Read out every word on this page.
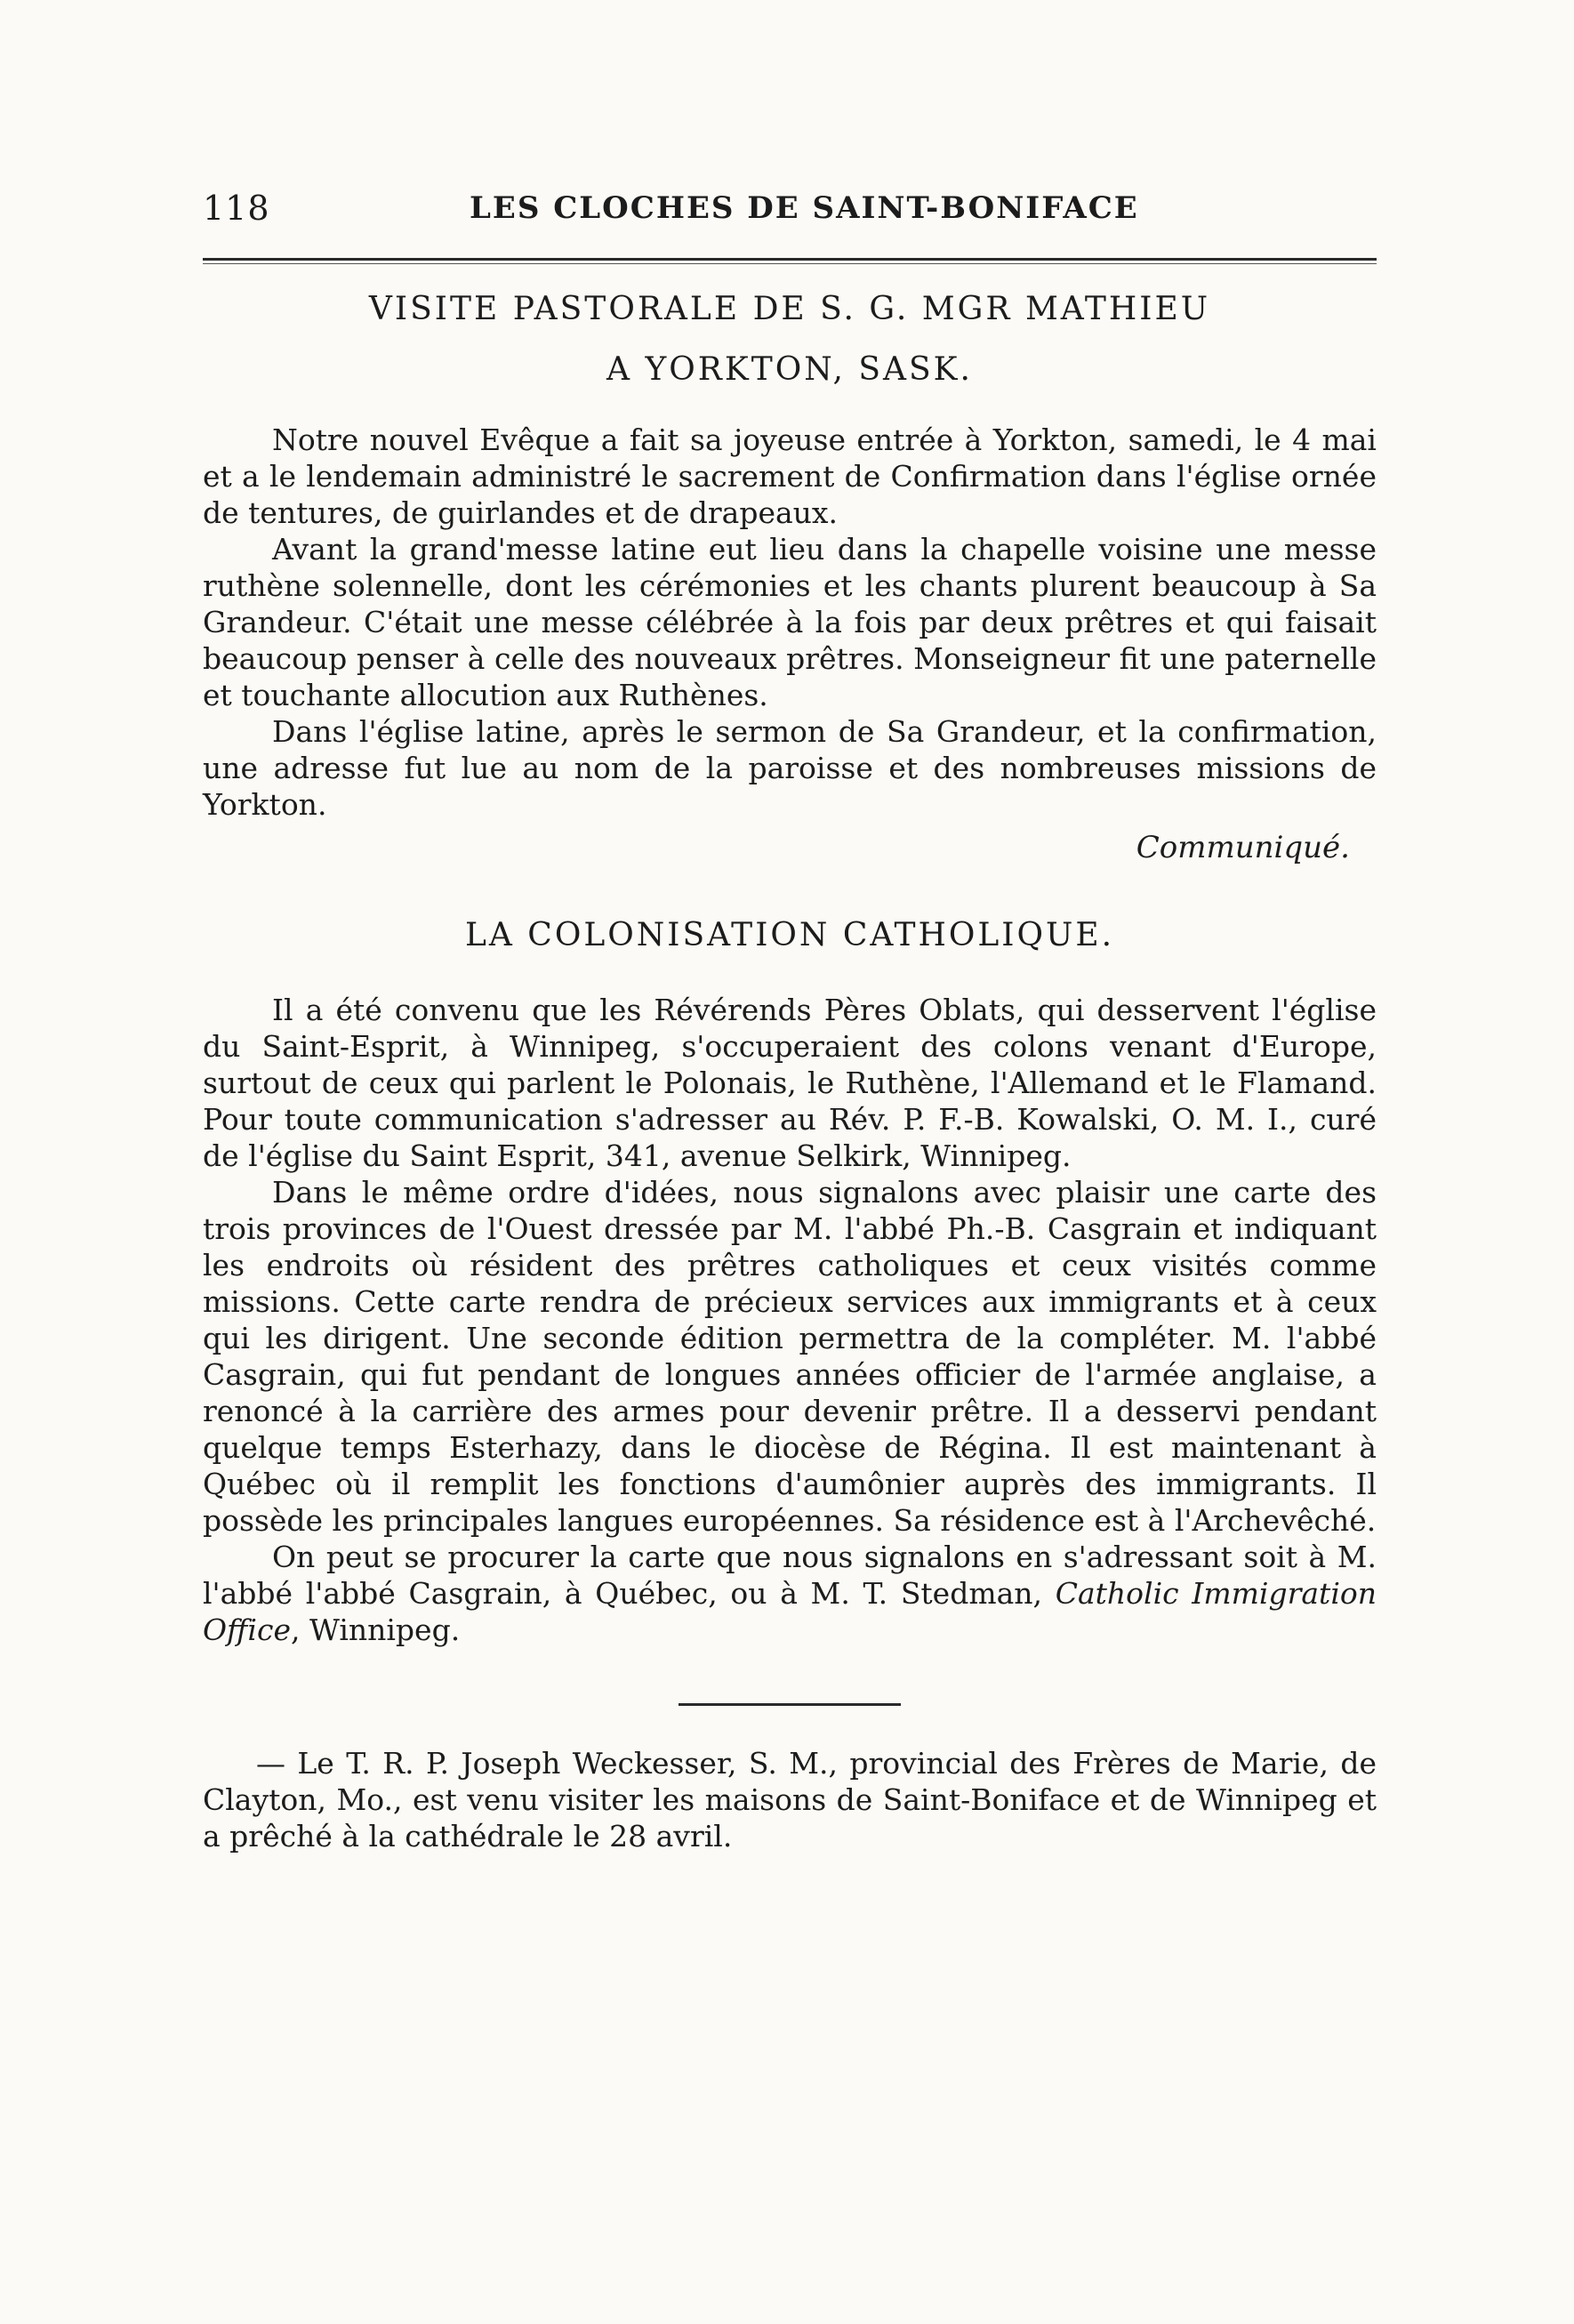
118	LES CLOCHES DE SAINT-BONIFACE
VISITE PASTORALE DE S. G. MGR MATHIEU
A YORKTON, SASK.

Notre nouvel Evêque a fait sa joyeuse entrée à Yorkton, samedi, le 4 mai et a le lendemain administré le sacrement de Confirmation dans l'église ornée de tentures, de guirlandes et de drapeaux.

Avant la grand'messe latine eut lieu dans la chapelle voisine une messe ruthène solennelle, dont les cérémonies et les chants plurent beaucoup à Sa Grandeur. C'était une messe célébrée à la fois par deux prêtres et qui faisait beaucoup penser à celle des nouveaux prêtres. Monseigneur fit une paternelle et touchante allocution aux Ruthènes.

Dans l'église latine, après le sermon de Sa Grandeur, et la confirmation, une adresse fut lue au nom de la paroisse et des nombreuses missions de Yorkton.

Communiqué.

LA COLONISATION CATHOLIQUE.

Il a été convenu que les Révérends Pères Oblats, qui desservent l'église du Saint-Esprit, à Winnipeg, s'occuperaient des colons venant d'Europe, surtout de ceux qui parlent le Polonais, le Ruthène, l'Allemand et le Flamand. Pour toute communication s'adresser au Rév. P. F.-B. Kowalski, O. M. I., curé de l'église du Saint Esprit, 341, avenue Selkirk, Winnipeg.

Dans le même ordre d'idées, nous signalons avec plaisir une carte des trois provinces de l'Ouest dressée par M. l'abbé Ph.-B. Casgrain et indiquant les endroits où résident des prêtres catholiques et ceux visités comme missions. Cette carte rendra de précieux services aux immigrants et à ceux qui les dirigent. Une seconde édition permettra de la compléter. M. l'abbé Casgrain, qui fut pendant de longues années officier de l'armée anglaise, a renoncé à la carrière des armes pour devenir prêtre. Il a desservi pendant quelque temps Esterhazy, dans le diocèse de Régina. Il est maintenant à Québec où il remplit les fonctions d'aumônier auprès des immigrants. Il possède les principales langues européennes. Sa résidence est à l'Archevêché.

On peut se procurer la carte que nous signalons en s'adressant soit à M. l'abbé l'abbé Casgrain, à Québec, ou à M. T. Stedman, Catholic Immigration Office, Winnipeg.

— Le T. R. P. Joseph Weckesser, S. M., provincial des Frères de Marie, de Clayton, Mo., est venu visiter les maisons de Saint-Boniface et de Winnipeg et a prêché à la cathédrale le 28 avril.
